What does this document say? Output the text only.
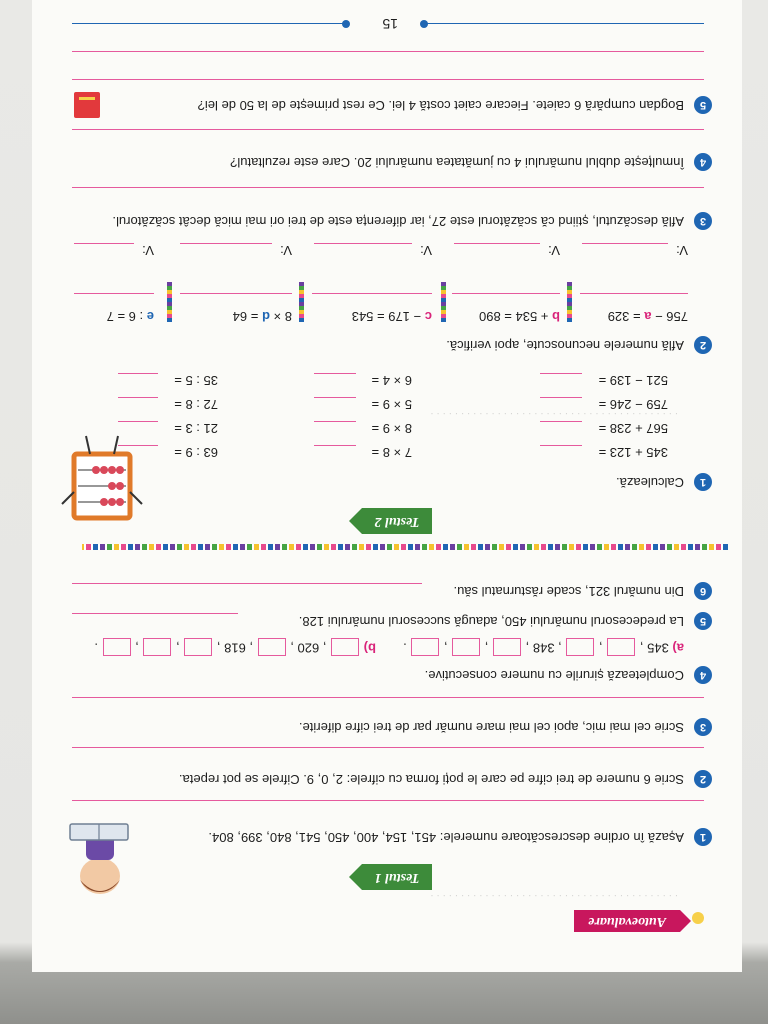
. . . . . . . . . . . . . . . . . . . . . . . . . . . . . . . . . . . . . . . . .
. . . . . . . . . . . . . . . . . . . . . . . . . . . . . . . . . . . . . . . . .
Autoevaluare
Testul 1
1
Așază în ordine descrescătoare numerele: 451, 154, 400, 450, 541, 840, 399, 804.
2
Scrie 6 numere de trei cifre pe care le poți forma cu cifrele: 2, 0, 9. Cifrele se pot repeta.
3
Scrie cel mai mic, apoi cel mai mare număr par de trei cifre diferite.
4
Completează șirurile cu numere consecutive.
a) 345 ,  ,  , 348 ,  ,  ,  .
b)  , 620 ,  , 618 ,  ,  ,  .
5
La predecesorul numărului 450, adaugă succesorul numărului 128.
6
Din numărul 321, scade răsturnatul său.
Testul 2
1
Calculează.
345 + 123 =
567 + 238 =
759 − 246 =
521 − 139 =
7 × 8 =
8 × 9 =
5 × 9 =
6 × 4 =
63 : 9 =
21 : 3 =
72 : 8 =
35 : 5 =
2
Află numerele necunoscute, apoi verifică.
756 − a = 329
b + 534 = 890
c − 179 = 543
8 × d = 64
e : 6 = 7
V:
V:
V:
V:
V:
3
Află descăzutul, știind că scăzătorul este 27, iar diferența este de trei ori mai mică decât scăzătorul.
4
Înmulțește dublul numărului 4 cu jumătatea numărului 20. Care este rezultatul?
5
Bogdan cumpără 6 caiete. Fiecare caiet costă 4 lei. Ce rest primește de la 50 de lei?
15
